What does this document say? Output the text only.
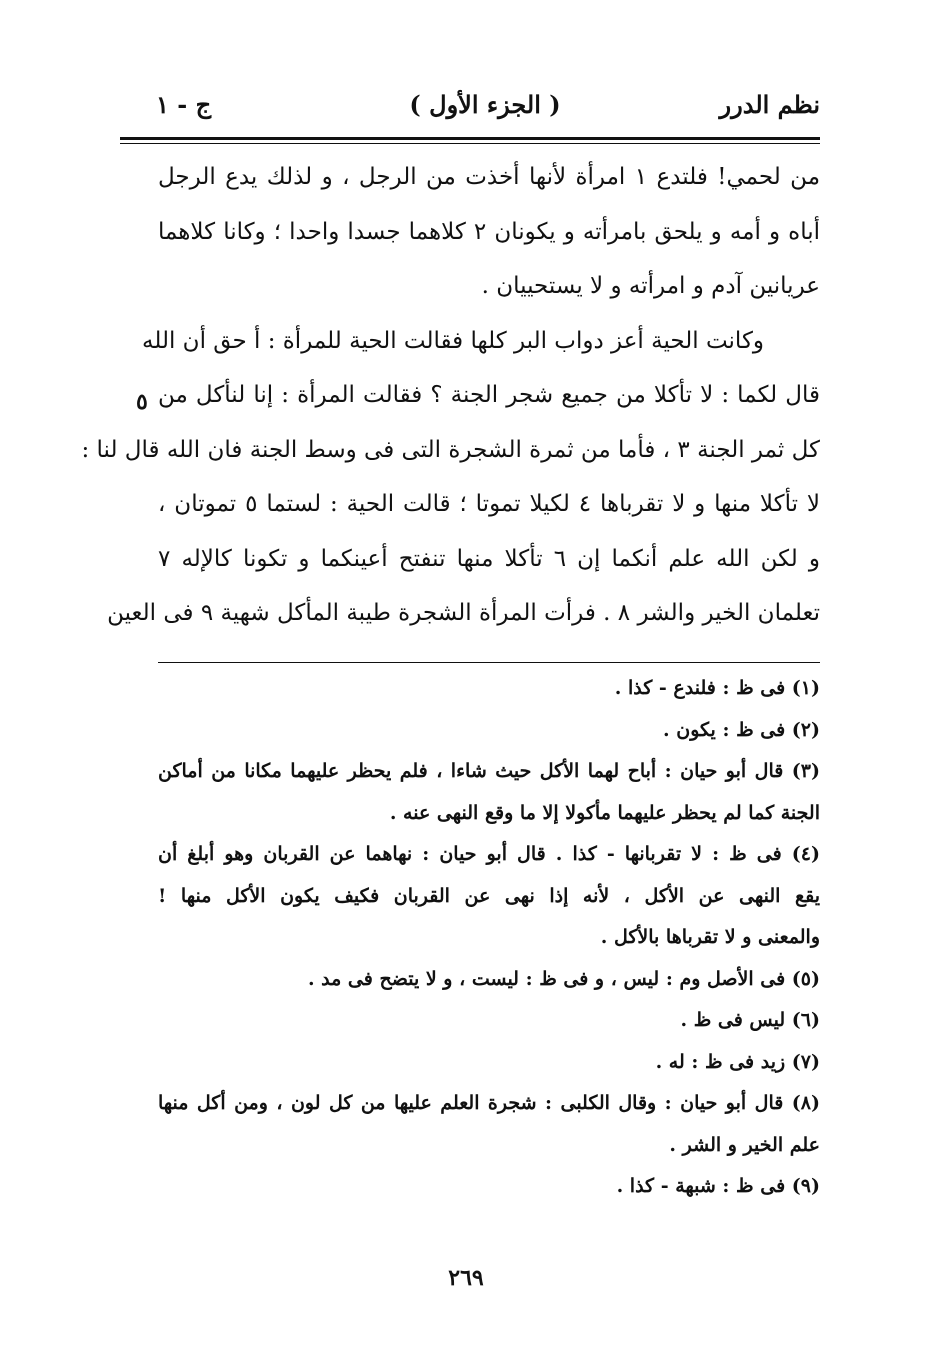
نظم الدرر
( الجزء الأول )
ج - ١
من لحمي! فلتدع ١ امرأة لأنها أخذت من الرجل ، و لذلك يدع الرجل
أباه و أمه و يلحق بامرأته و يكونان ٢ كلاهما جسدا واحدا ؛ وكانا كلاهما
عريانين آدم و امرأته و لا يستحييان .
وكانت الحية أعز دواب البر كلها فقالت الحية للمرأة : أ حق أن الله
قال لكما : لا تأكلا من جميع شجر الجنة ؟ فقالت المرأة : إنا لنأكل من
كل ثمر الجنة ٣ ، فأما من ثمرة الشجرة التى فى وسط الجنة فان الله قال لنا :
لا تأكلا منها و لا تقرباها ٤ لكيلا تموتا ؛ قالت الحية : لستما ٥ تموتان ،
و لكن الله علم أنكما إن ٦ تأكلا منها تنفتح أعينكما و تكونا كالإله ٧
تعلمان الخير والشر ٨ . فرأت المرأة الشجرة طيبة المأكل شهية ٩ فى العين
٥
(١) فى ظ : فلندع - كذا .
(٢) فى ظ : يكون .
(٣) قال أبو حيان : أباح لهما الأكل حيث شاءا ، فلم يحظر عليهما مكانا من أماكن
الجنة كما لم يحظر عليهما مأكولا إلا ما وقع النهى عنه .
(٤) فى ظ : لا تقربانها - كذا . قال أبو حيان : نهاهما عن القربان وهو أبلغ أن
يقع النهى عن الأكل ، لأنه إذا نهى عن القربان فكيف يكون الأكل منها !
والمعنى و لا تقرباها بالأكل .
(٥) فى الأصل وم : ليس ، و فى ظ : ليست ، و لا يتضح فى مد .
(٦) ليس فى ظ .
(٧) زيد فى ظ : له .
(٨) قال أبو حيان : وقال الكلبى : شجرة العلم عليها من كل لون ، ومن أكل منها
علم الخير و الشر .
(٩) فى ظ : شبهة - كذا .
٢٦٩
